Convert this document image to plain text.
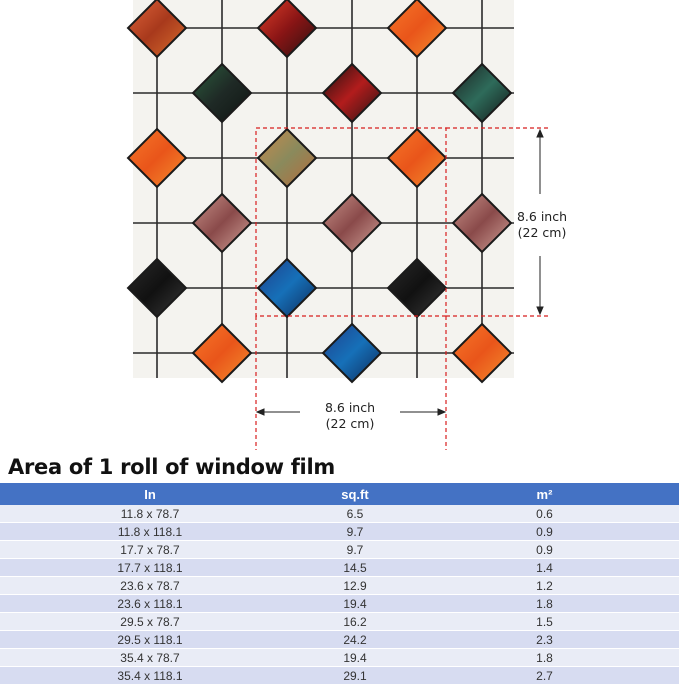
8.6 inch
(22 cm)
8.6 inch
(22 cm)
Area of 1 roll of window film
In	sq.ft	m²
11.8 x 78.7	6.5	0.6
11.8 x 118.1	9.7	0.9
17.7 x 78.7	9.7	0.9
17.7 x 118.1	14.5	1.4
23.6 x 78.7	12.9	1.2
23.6 x 118.1	19.4	1.8
29.5 x 78.7	16.2	1.5
29.5 x 118.1	24.2	2.3
35.4 x 78.7	19.4	1.8
35.4 x 118.1	29.1	2.7
